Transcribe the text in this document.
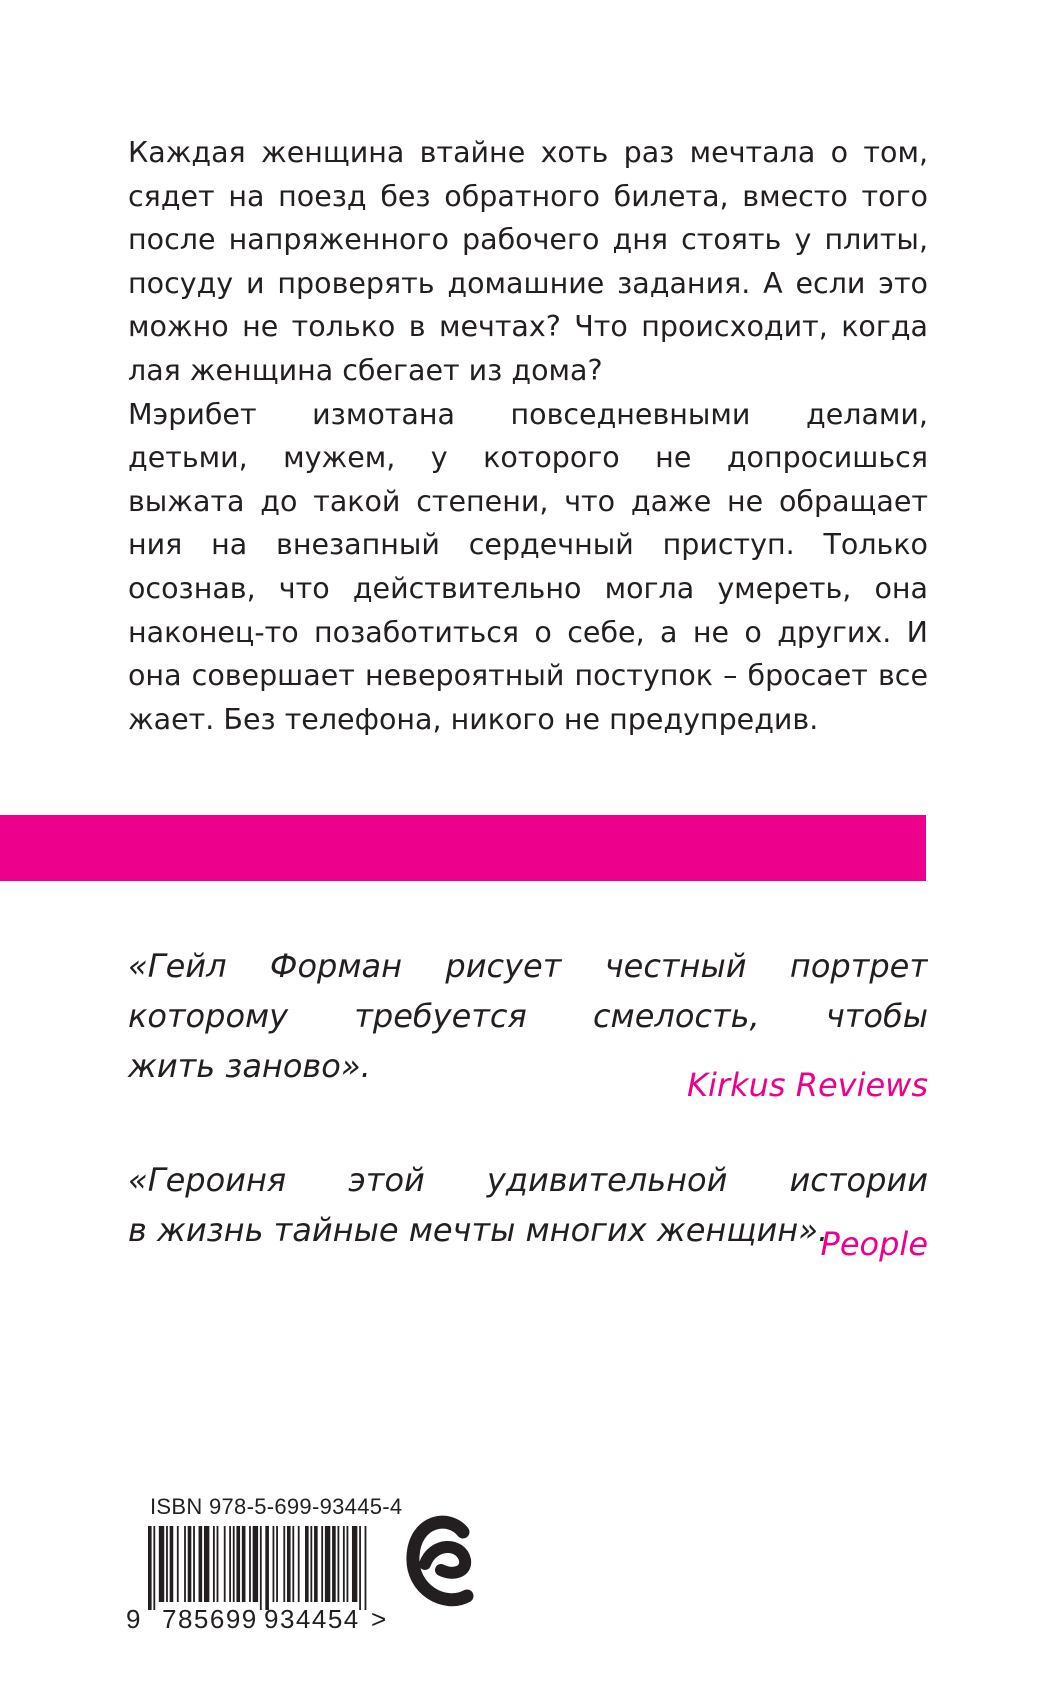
Каждая женщина втайне хоть раз мечтала о том,
сядет на поезд без обратного билета, вместо того
после напряженного рабочего дня стоять у плиты,
посуду и проверять домашние задания. А если это
можно не только в мечтах? Что происходит, когда
лая женщина сбегает из дома?

Мэрибет измотана повседневными делами,
детьми, мужем, у которого не допросишься
выжата до такой степени, что даже не обращает
ния на внезапный сердечный приступ. Только
осознав, что действительно могла умереть, она
наконец-то позаботиться о себе, а не о других. И
она совершает невероятный поступок – бросает все
жает. Без телефона, никого не предупредив.

«Гейл Форман рисует честный портрет
которому требуется смелость, чтобы
жить заново».	Kirkus Reviews
«Героиня этой удивительной истории
в жизнь тайные мечты многих женщин».
People
ISBN 978-5-699-93445-4
9 785699 934454 >
